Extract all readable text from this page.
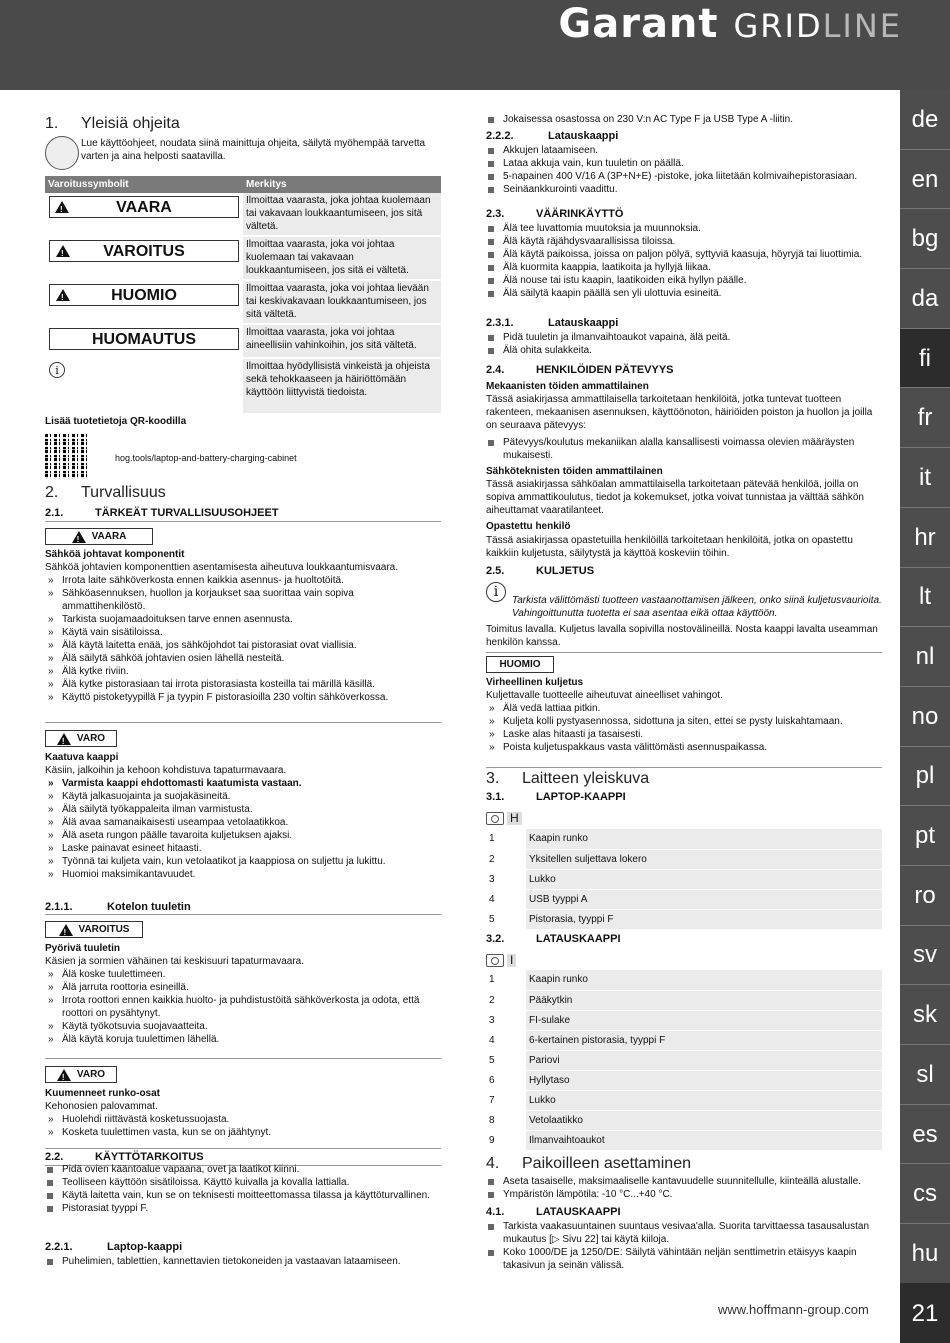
Garant GRIDLINE
de
en
bg
da
fi
fr
it
hr
lt
nl
no
pl
pt
ro
sv
sk
sl
es
cs
hu
21
www.hoffmann-group.com
1. Yleisiä ohjeita
Lue käyttöohjeet, noudata siinä mainittuja ohjeita, säilytä myöhempää tarvetta varten ja aina helposti saatavilla.
Varoitussymbolit	Merkitys

!
VAARA	Ilmoittaa vaarasta, joka johtaa kuolemaan tai vakavaan loukkaantumiseen, jos sitä vältetä.

!
VAROITUS	Ilmoittaa vaarasta, joka voi johtaa kuolemaan tai vakavaan loukkaantumiseen, jos sitä ei vältetä.

!
HUOMIO	Ilmoittaa vaarasta, joka voi johtaa lievään tai keskivakavaan loukkaantumiseen, jos sitä vältetä.

HUOMAUTUS	Ilmoittaa vaarasta, joka voi johtaa aineellisiin vahinkoihin, jos sitä vältetä.
i	Ilmoittaa hyödyllisistä vinkeistä ja ohjeista sekä tehokkaaseen ja häiriöttömään käyttöön liittyvistä tiedoista.
Lisää tuotetietoja QR-koodilla
hog.tools/laptop-and-battery-charging-cabinet
2. Turvallisuus
2.1.	TÄRKEÄT TURVALLISUUSOHJEET
!
VAARA
Sähköä johtavat komponentit
Sähköä johtavien komponenttien asentamisesta aiheutuva loukkaantumisvaara.
» Irrota laite sähköverkosta ennen kaikkia asennus- ja huoltotöitä.
» Sähköasennuksen, huollon ja korjaukset saa suorittaa vain sopiva ammattihenkilöstö.
» Tarkista suojamaadoituksen tarve ennen asennusta.
» Käytä vain sisätiloissa.
» Älä käytä laitetta enää, jos sähköjohdot tai pistorasiat ovat viallisia.
» Älä säilytä sähköä johtavien osien lähellä nesteitä.
» Älä kytke riviin.
» Älä kytke pistorasiaan tai irrota pistorasiasta kosteilla tai märillä käsillä.
» Käyttö pistoketyypillä F ja tyypin F pistorasioilla 230 voltin sähköverkossa.
!
VARO
Kaatuva kaappi
Käsiin, jalkoihin ja kehoon kohdistuva tapaturmavaara.
» Varmista kaappi ehdottomasti kaatumista vastaan.
» Käytä jalkasuojainta ja suojakäsineitä.
» Älä säilytä työkappaleita ilman varmistusta.
» Älä avaa samanaikaisesti useampaa vetolaatikkoa.
» Älä aseta rungon päälle tavaroita kuljetuksen ajaksi.
» Laske painavat esineet hitaasti.
» Työnnä tai kuljeta vain, kun vetolaatikot ja kaappiosa on suljettu ja lukittu.
» Huomioi maksimikantavuudet.
2.1.1.	Kotelon tuuletin
!
VAROITUS
Pyörivä tuuletin
Käsien ja sormien vähäinen tai keskisuuri tapaturmavaara.
» Älä koske tuulettimeen.
» Älä jarruta roottoria esineillä.
» Irrota roottori ennen kaikkia huolto- ja puhdistustöitä sähköverkosta ja odota, että roottori on pysähtynyt.
» Käytä työkotsuvia suojavaatteita.
» Älä käytä koruja tuulettimen lähellä.
!
VARO
Kuumenneet runko-osat
Kehonosien palovammat.
» Huolehdi riittävästä kosketussuojasta.
» Kosketa tuulettimen vasta, kun se on jäähtynyt.
2.2.	KÄYTTÖTARKOITUS
Pidä ovien kääntöalue vapaana, ovet ja laatikot kiinni.
Teolliseen käyttöön sisätiloissa. Käyttö kuivalla ja kovalla lattialla.
Käytä laitetta vain, kun se on teknisesti moitteettomassa tilassa ja käyttöturvallinen.
Pistorasiat tyyppi F.
2.2.1.	Laptop-kaappi
Puhelimien, tablettien, kannettavien tietokoneiden ja vastaavan lataamiseen.
Jokaisessa osastossa on 230 V:n AC Type F ja USB Type A -liitin.
2.2.2.	Latauskaappi
Akkujen lataamiseen.
Lataa akkuja vain, kun tuuletin on päällä.
5-napainen 400 V/16 A (3P+N+E) -pistoke, joka liitetään kolmivaihepistorasiaan.
Seinäankkurointi vaadittu.
2.3.	VÄÄRINKÄYTTÖ
Älä tee luvattomia muutoksia ja muunnoksia.
Älä käytä räjähdysvaarallisissa tiloissa.
Älä käytä paikoissa, joissa on paljon pölyä, syttyviä kaasuja, höyryjä tai liuottimia.
Älä kuormita kaappia, laatikoita ja hyllyjä liikaa.
Älä nouse tai istu kaapin, laatikoiden eikä hyllyn päälle.
Älä säilytä kaapin päällä sen yli ulottuvia esineitä.
2.3.1.	Latauskaappi
Pidä tuuletin ja ilmanvaihtoaukot vapaina, älä peitä.
Älä ohita sulakkeita.
2.4.	HENKILÖIDEN PÄTEVYYS
Mekaanisten töiden ammattilainen
Tässä asiakirjassa ammattilaisella tarkoitetaan henkilöitä, jotka tuntevat tuotteen rakenteen, mekaanisen asennuksen, käyttöönoton, häiriöiden poiston ja huollon ja joilla on seuraava pätevyys:
Pätevyys/koulutus mekaniikan alalla kansallisesti voimassa olevien määräysten mukaisesti.
Sähköteknisten töiden ammattilainen
Tässä asiakirjassa sähköalan ammattilaisella tarkoitetaan pätevää henkilöä, joilla on sopiva ammattikoulutus, tiedot ja kokemukset, jotka voivat tunnistaa ja välttää sähkön aiheuttamat vaaratilanteet.
Opastettu henkilö
Tässä asiakirjassa opastetuilla henkilöillä tarkoitetaan henkilöitä, jotka on opastettu kaikkiin kuljetusta, säilytystä ja käyttöä koskeviin töihin.
2.5.	KULJETUS
i
Tarkista välittömästi tuotteen vastaanottamisen jälkeen, onko siinä kuljetusvaurioita. Vahingoittunutta tuotetta ei saa asentaa eikä ottaa käyttöön.
Toimitus lavalla. Kuljetus lavalla sopivilla nostovälineillä. Nosta kaappi lavalta useamman henkilön kanssa.
HUOMIO
Virheellinen kuljetus
Kuljettavalle tuotteelle aiheutuvat aineelliset vahingot.
» Älä vedä lattiaa pitkin.
» Kuljeta kolli pystyasennossa, sidottuna ja siten, ettei se pysty luiskahtamaan.
» Laske alas hitaasti ja tasaisesti.
» Poista kuljetuspakkaus vasta välittömästi asennuspaikassa.
3. Laitteen yleiskuva
3.1.	LAPTOP-KAAPPI
H
1	Kaapin runko
2	Yksitellen suljettava lokero
3	Lukko
4	USB tyyppi A
5	Pistorasia, tyyppi F
3.2.	LATAUSKAAPPI
I
1	Kaapin runko
2	Pääkytkin
3	FI-sulake
4	6-kertainen pistorasia, tyyppi F
5	Pariovi
6	Hyllytaso
7	Lukko
8	Vetolaatikko
9	Ilmanvaihtoaukot
4. Paikoilleen asettaminen
Aseta tasaiselle, maksimaaliselle kantavuudelle suunnitellulle, kiinteällä alustalle.
Ympäristön lämpötila: -10 °C...+40 °C.
4.1.	LATAUSKAAPPI
Tarkista vaakasuuntainen suuntaus vesivaa'alla. Suorita tarvittaessa tasausalustan mukautus [▷ Sivu 22] tai käytä kiiloja.
Koko 1000/DE ja 1250/DE: Säilytä vähintään neljän senttimetrin etäisyys kaapin takasivun ja seinän välissä.
